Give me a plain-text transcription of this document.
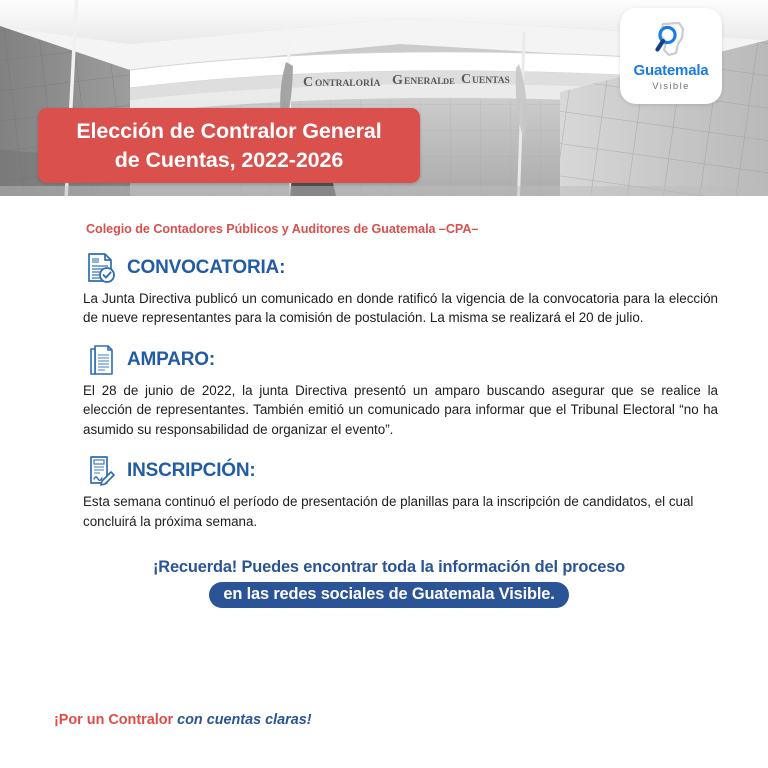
C ONTRALORÍA G ENERAL DE C UENTAS
Elección de Contralor General
de Cuentas, 2022-2026
Guatemala
Visible
Colegio de Contadores Públicos y Auditores de Guatemala –CPA–
CONVOCATORIA:
La Junta Directiva publicó un comunicado en donde ratificó la vigencia de la convocatoria para la elección de nueve representantes para la comisión de postulación. La misma se realizará el 20 de julio.
AMPARO:
El 28 de junio de 2022, la junta Directiva presentó un amparo buscando asegurar que se realice la elección de representantes. También emitió un comunicado para informar que el Tribunal Electoral “no ha asumido su responsabilidad de organizar el evento”.
INSCRIPCIÓN:
Esta semana continuó el período de presentación de planillas para la inscripción de candidatos, el cual concluirá la próxima semana.
¡Recuerda! Puedes encontrar toda la información del proceso
en las redes sociales de Guatemala Visible.
¡Por un Contralor con cuentas claras!
